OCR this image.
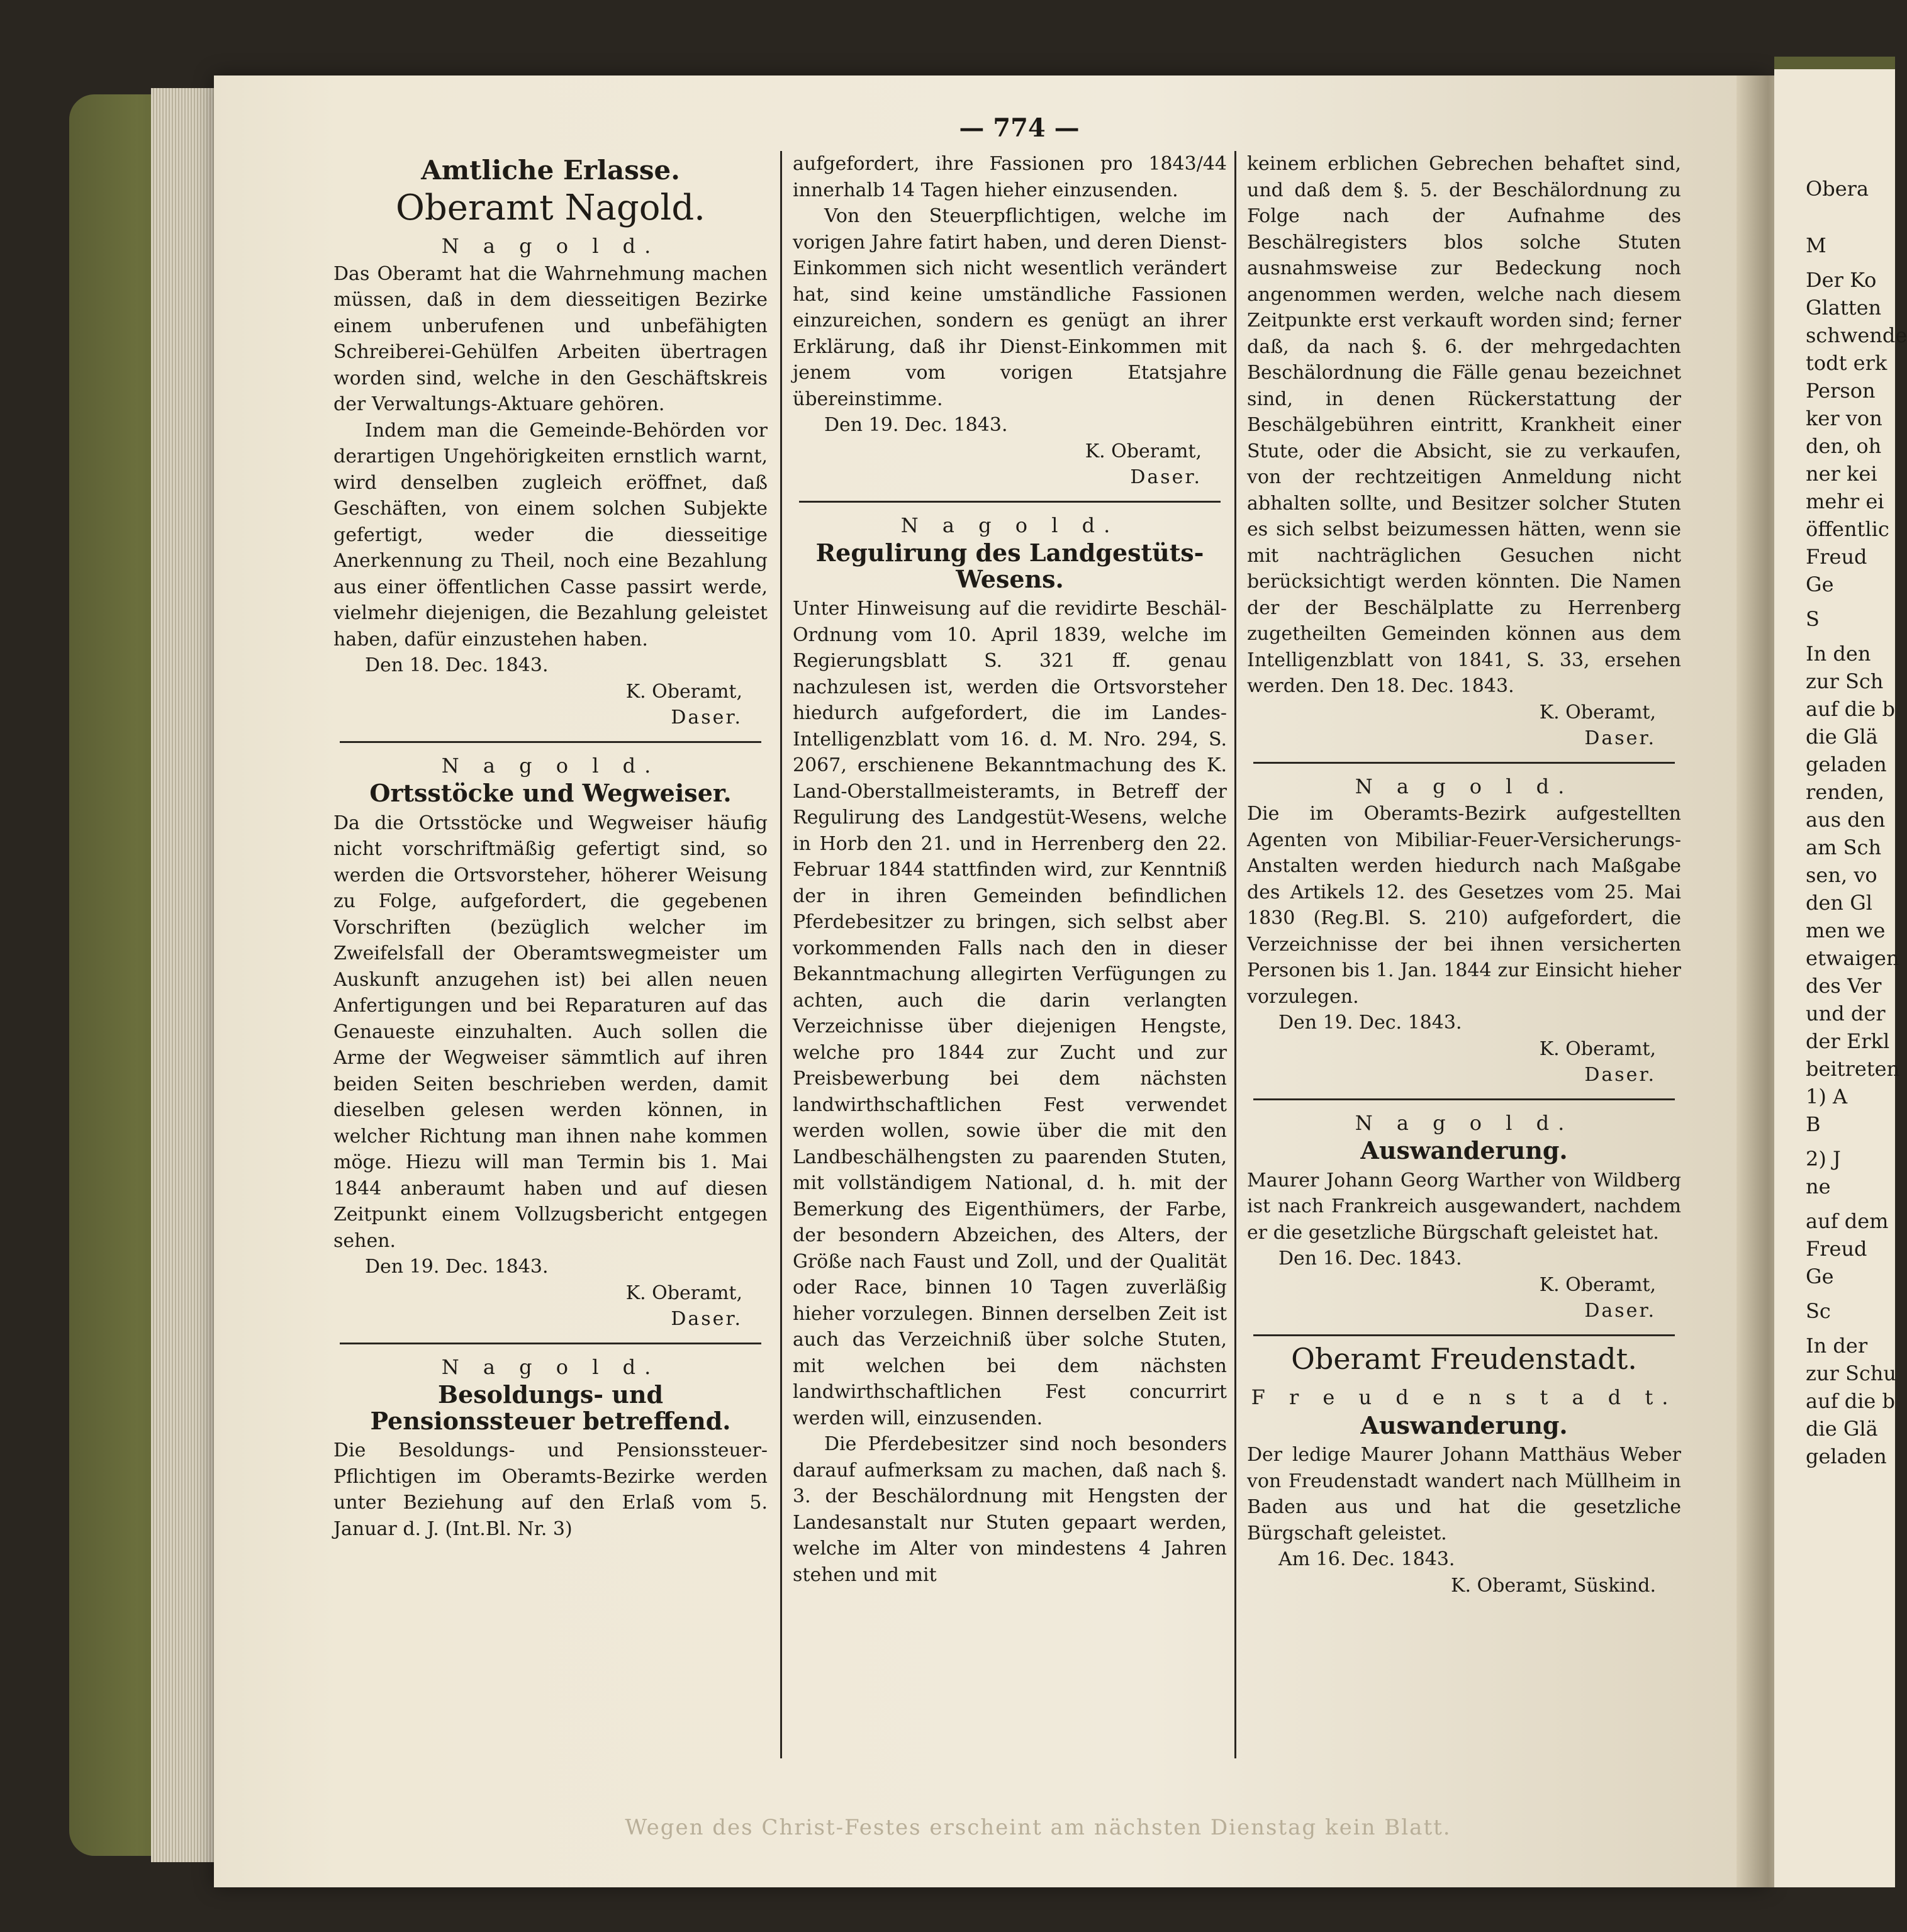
— 774 —
Amtliche Erlasse.
Oberamt Nagold.
N a g o l d.

Das Oberamt hat die Wahrnehmung machen müssen, daß in dem diesseitigen Bezirke einem unberufenen und unbefähigten Schreiberei-Gehülfen Arbeiten übertragen worden sind, welche in den Geschäftskreis der Verwaltungs-Aktuare gehören.

Indem man die Gemeinde-Behörden vor derartigen Ungehörigkeiten ernstlich warnt, wird denselben zugleich eröffnet, daß Geschäften, von einem solchen Subjekte gefertigt, weder die diesseitige Anerkennung zu Theil, noch eine Bezahlung aus einer öffentlichen Casse passirt werde, vielmehr diejenigen, die Bezahlung geleistet haben, dafür einzustehen haben.

Den 18. Dec. 1843.

K. Oberamt,

Daser.

N a g o l d.
Ortsstöcke und Wegweiser.

Da die Ortsstöcke und Wegweiser häufig nicht vorschriftmäßig gefertigt sind, so werden die Ortsvorsteher, höherer Weisung zu Folge, aufgefordert, die gegebenen Vorschriften (bezüglich welcher im Zweifelsfall der Oberamtswegmeister um Auskunft anzugehen ist) bei allen neuen Anfertigungen und bei Reparaturen auf das Genaueste einzuhalten. Auch sollen die Arme der Wegweiser sämmtlich auf ihren beiden Seiten beschrieben werden, damit dieselben gelesen werden können, in welcher Richtung man ihnen nahe kommen möge. Hiezu will man Termin bis 1. Mai 1844 anberaumt haben und auf diesen Zeitpunkt einem Vollzugsbericht entgegen sehen.

Den 19. Dec. 1843.

K. Oberamt,

Daser.

N a g o l d.
Besoldungs- und Pensionssteuer betreffend.

Die Besoldungs- und Pensionssteuer-Pflichtigen im Oberamts-Bezirke werden unter Beziehung auf den Erlaß vom 5. Januar d. J. (Int.Bl. Nr. 3)

aufgefordert, ihre Fassionen pro 1843/44 innerhalb 14 Tagen hieher einzusenden.

Von den Steuerpflichtigen, welche im vorigen Jahre fatirt haben, und deren Dienst-Einkommen sich nicht wesentlich verändert hat, sind keine umständliche Fassionen einzureichen, sondern es genügt an ihrer Erklärung, daß ihr Dienst-Einkommen mit jenem vom vorigen Etatsjahre übereinstimme.

Den 19. Dec. 1843.

K. Oberamt,

Daser.

N a g o l d.
Regulirung des Landgestüts-Wesens.

Unter Hinweisung auf die revidirte Beschäl-Ordnung vom 10. April 1839, welche im Regierungsblatt S. 321 ff. genau nachzulesen ist, werden die Ortsvorsteher hiedurch aufgefordert, die im Landes-Intelligenzblatt vom 16. d. M. Nro. 294, S. 2067, erschienene Bekanntmachung des K. Land-Oberstallmeisteramts, in Betreff der Regulirung des Landgestüt-Wesens, welche in Horb den 21. und in Herrenberg den 22. Februar 1844 stattfinden wird, zur Kenntniß der in ihren Gemeinden befindlichen Pferdebesitzer zu bringen, sich selbst aber vorkommenden Falls nach den in dieser Bekanntmachung allegirten Verfügungen zu achten, auch die darin verlangten Verzeichnisse über diejenigen Hengste, welche pro 1844 zur Zucht und zur Preisbewerbung bei dem nächsten landwirthschaftlichen Fest verwendet werden wollen, sowie über die mit den Landbeschälhengsten zu paarenden Stuten, mit vollständigem National, d. h. mit der Bemerkung des Eigenthümers, der Farbe, der besondern Abzeichen, des Alters, der Größe nach Faust und Zoll, und der Qualität oder Race, binnen 10 Tagen zuverläßig hieher vorzulegen. Binnen derselben Zeit ist auch das Verzeichniß über solche Stuten, mit welchen bei dem nächsten landwirthschaftlichen Fest concurrirt werden will, einzusenden.

Die Pferdebesitzer sind noch besonders darauf aufmerksam zu machen, daß nach §. 3. der Beschälordnung mit Hengsten der Landesanstalt nur Stuten gepaart werden, welche im Alter von mindestens 4 Jahren stehen und mit

keinem erblichen Gebrechen behaftet sind, und daß dem §. 5. der Beschälordnung zu Folge nach der Aufnahme des Beschälregisters blos solche Stuten ausnahmsweise zur Bedeckung noch angenommen werden, welche nach diesem Zeitpunkte erst verkauft worden sind; ferner daß, da nach §. 6. der mehrgedachten Beschälordnung die Fälle genau bezeichnet sind, in denen Rückerstattung der Beschälgebühren eintritt, Krankheit einer Stute, oder die Absicht, sie zu verkaufen, von der rechtzeitigen Anmeldung nicht abhalten sollte, und Besitzer solcher Stuten es sich selbst beizumessen hätten, wenn sie mit nachträglichen Gesuchen nicht berücksichtigt werden könnten. Die Namen der der Beschälplatte zu Herrenberg zugetheilten Gemeinden können aus dem Intelligenzblatt von 1841, S. 33, ersehen werden. Den 18. Dec. 1843.

K. Oberamt,

Daser.

N a g o l d.

Die im Oberamts-Bezirk aufgestellten Agenten von Mibiliar-Feuer-Versicherungs-Anstalten werden hiedurch nach Maßgabe des Artikels 12. des Gesetzes vom 25. Mai 1830 (Reg.Bl. S. 210) aufgefordert, die Verzeichnisse der bei ihnen versicherten Personen bis 1. Jan. 1844 zur Einsicht hieher vorzulegen.

Den 19. Dec. 1843.

K. Oberamt,

Daser.

N a g o l d.
Auswanderung.

Maurer Johann Georg Warther von Wildberg ist nach Frankreich ausgewandert, nachdem er die gesetzliche Bürgschaft geleistet hat.

Den 16. Dec. 1843.

K. Oberamt,

Daser.

Oberamt Freudenstadt.
F r e u d e n s t a d t.
Auswanderung.

Der ledige Maurer Johann Matthäus Weber von Freudenstadt wandert nach Müllheim in Baden aus und hat die gesetzliche Bürgschaft geleistet.

Am 16. Dec. 1843.

K. Oberamt, Süskind.

Wegen des Christ-Festes erscheint am nächsten Dienstag kein Blatt.
Obera
M
Der Ko
Glatten
schwende
todt erk
Person
ker von
den, oh
ner kei
mehr ei
öffentlic
Freud
Ge
S
In den
zur Sch
auf die b
die Glä
geladen
renden,
aus den
am Sch
sen, vo
den Gl
men we
etwaigen
des Ver
und der
der Erkl
beitreten
1) A
B
2) J
ne
auf dem
Freud
Ge
Sc
In der
zur Schu
auf die b
die Glä
geladen
